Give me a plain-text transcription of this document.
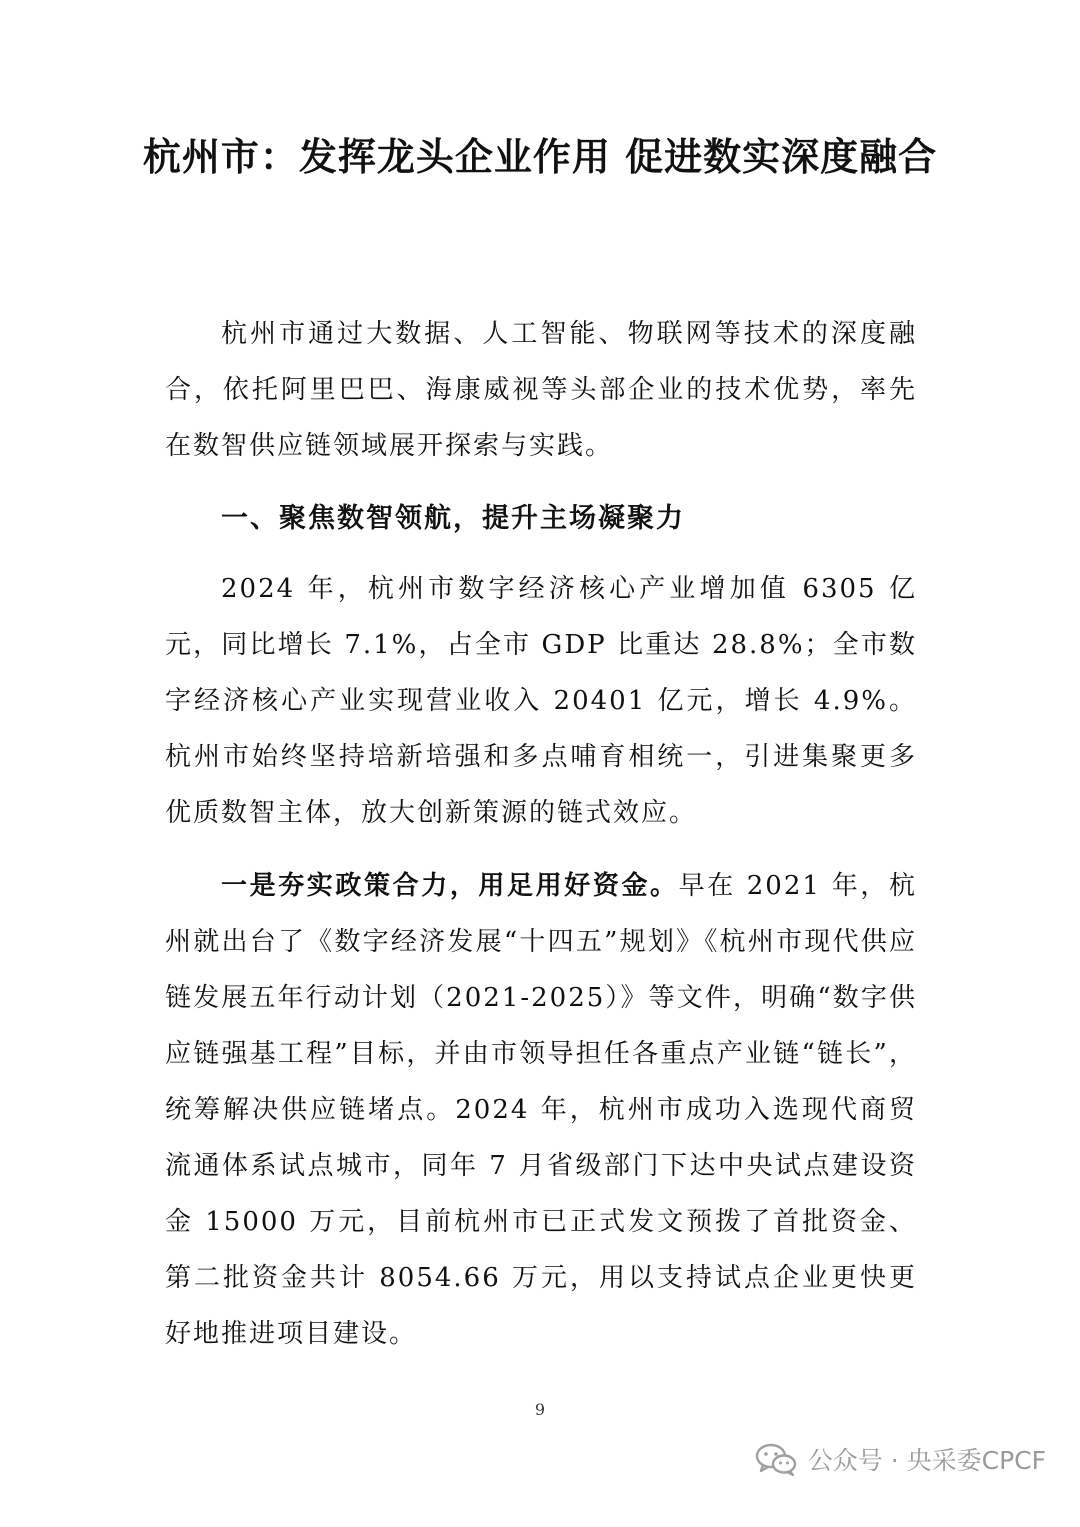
杭州市：发挥龙头企业作用 促进数实深度融合

杭州市通过大数据、人工智能、物联网等技术的深度融合，依托阿里巴巴、海康威视等头部企业的技术优势，率先在数智供应链领域展开探索与实践。

一、聚焦数智领航，提升主场凝聚力

2024 年，杭州市数字经济核心产业增加值 6305 亿元，同比增长 7.1%，占全市 GDP 比重达 28.8%；全市数字经济核心产业实现营业收入 20401 亿元，增长 4.9%。杭州市始终坚持培新培强和多点哺育相统一，引进集聚更多优质数智主体，放大创新策源的链式效应。

一是夯实政策合力，用足用好资金。早在 2021 年，杭州就出台了《数字经济发展“十四五”规划》《杭州市现代供应链发展五年行动计划（2021-2025）》等文件，明确“数字供应链强基工程”目标，并由市领导担任各重点产业链“链长”，统筹解决供应链堵点。2024 年，杭州市成功入选现代商贸流通体系试点城市，同年 7 月省级部门下达中央试点建设资金 15000 万元，目前杭州市已正式发文预拨了首批资金、第二批资金共计 8054.66 万元，用以支持试点企业更快更好地推进项目建设。

9
公众号 · 央采委CPCF
